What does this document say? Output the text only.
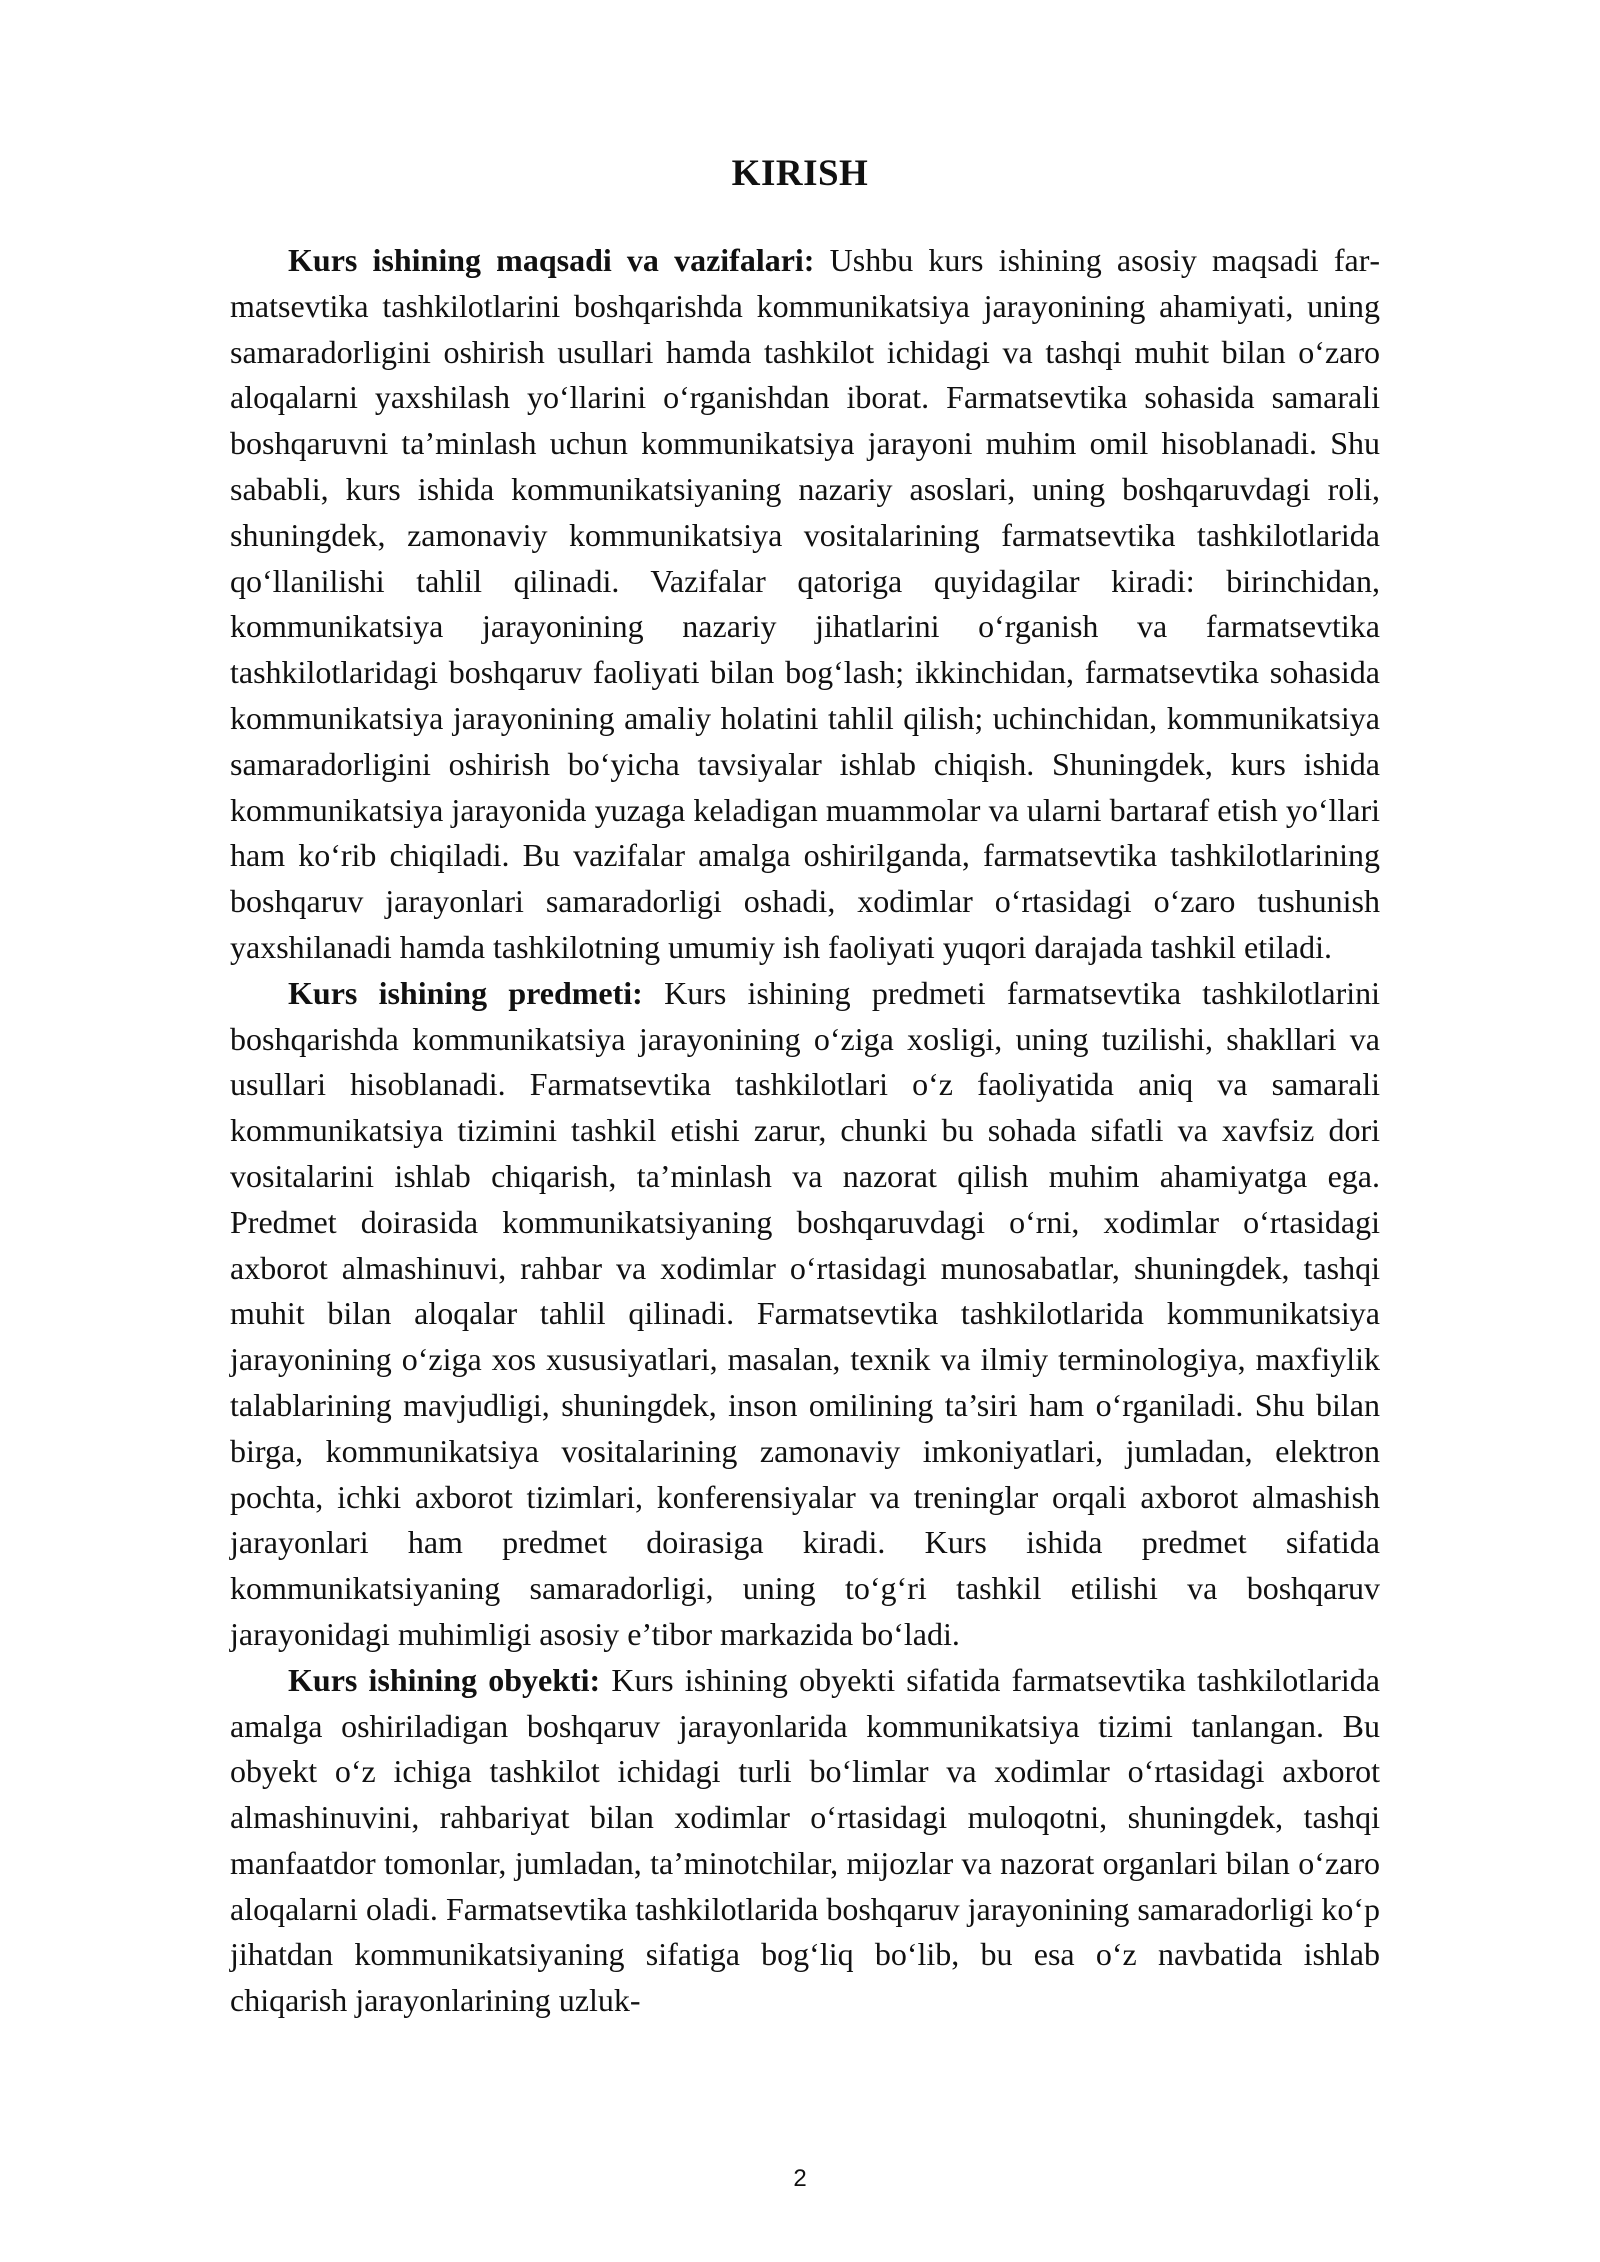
KIRISH

Kurs ishining maqsadi va vazifalari: Ushbu kurs ishining asosiy maqsadi farmatsevtika tashkilotlarini boshqarishda kommunikatsiya jarayonining ahamiyati, uning samaradorligini oshirish usullari hamda tashkilot ichidagi va tashqi muhit bilan o‘zaro aloqalarni yaxshilash yo‘llarini o‘rganishdan iborat. Farmatsevtika sohasida samarali boshqaruvni ta’minlash uchun kommunikatsiya jarayoni muhim omil hisoblanadi. Shu sababli, kurs ishida kommunikatsiyaning nazariy asoslari, uning boshqaruvdagi roli, shuningdek, zamonaviy kommunikatsiya vositalarining farmatsevtika tashkilotlarida qo‘llanilishi tahlil qilinadi. Vazifalar qatoriga quyidagilar kiradi: birinchidan, kommunikatsiya jarayonining nazariy jihatlarini o‘rganish va farmatsevtika tashkilotlaridagi boshqaruv faoliyati bilan bog‘lash; ikkinchidan, farmatsevtika sohasida kommunikatsiya jarayonining amaliy holatini tahlil qilish; uchinchidan, kommunikatsiya samaradorligini oshirish bo‘yicha tavsiyalar ishlab chiqish. Shuningdek, kurs ishida kommunikatsiya jarayonida yuzaga keladigan muammolar va ularni bartaraf etish yo‘llari ham ko‘rib chiqiladi. Bu vazifalar amalga oshirilganda, farmatsevtika tashkilotlarining boshqaruv jarayonlari samaradorligi oshadi, xodimlar o‘rtasidagi o‘zaro tushunish yaxshilanadi hamda tashkilotning umumiy ish faoliyati yuqori darajada tashkil etiladi.

Kurs ishining predmeti: Kurs ishining predmeti farmatsevtika tashkilotlarini boshqarishda kommunikatsiya jarayonining o‘ziga xosligi, uning tuzilishi, shakllari va usullari hisoblanadi. Farmatsevtika tashkilotlari o‘z faoliyatida aniq va samarali kommunikatsiya tizimini tashkil etishi zarur, chunki bu sohada sifatli va xavfsiz dori vositalarini ishlab chiqarish, ta’minlash va nazorat qilish muhim ahamiyatga ega. Predmet doirasida kommunikatsiyaning boshqaruvdagi o‘rni, xodimlar o‘rtasidagi axborot almashinuvi, rahbar va xodimlar o‘rtasidagi munosabatlar, shuningdek, tashqi muhit bilan aloqalar tahlil qilinadi. Farmatsevtika tashkilotlarida kommunikatsiya jarayonining o‘ziga xos xususiyatlari, masalan, texnik va ilmiy terminologiya, maxfiylik talablarining mavjudligi, shuningdek, inson omilining ta’siri ham o‘rganiladi. Shu bilan birga, kommunikatsiya vositalarining zamonaviy imkoniyatlari, jumladan, elektron pochta, ichki axborot tizimlari, konferensiyalar va treninglar orqali axborot almashish jarayonlari ham predmet doirasiga kiradi. Kurs ishida predmet sifatida kommunikatsiyaning samaradorligi, uning to‘g‘ri tashkil etilishi va boshqaruv jarayonidagi muhimligi asosiy e’tibor markazida bo‘ladi.

Kurs ishining obyekti: Kurs ishining obyekti sifatida farmatsevtika tashkilotlarida amalga oshiriladigan boshqaruv jarayonlarida kommunikatsiya tizimi tanlangan. Bu obyekt o‘z ichiga tashkilot ichidagi turli bo‘limlar va xodimlar o‘rtasidagi axborot almashinuvini, rahbariyat bilan xodimlar o‘rtasidagi muloqotni, shuningdek, tashqi manfaatdor tomonlar, jumladan, ta’minotchilar, mijozlar va nazorat organlari bilan o‘zaro aloqalarni oladi. Farmatsevtika tashkilotlarida boshqaruv jarayonining samaradorligi ko‘p jihatdan kommunikatsiyaning sifatiga bog‘liq bo‘lib, bu esa o‘z navbatida ishlab chiqarish jarayonlarining uzluk-

2
